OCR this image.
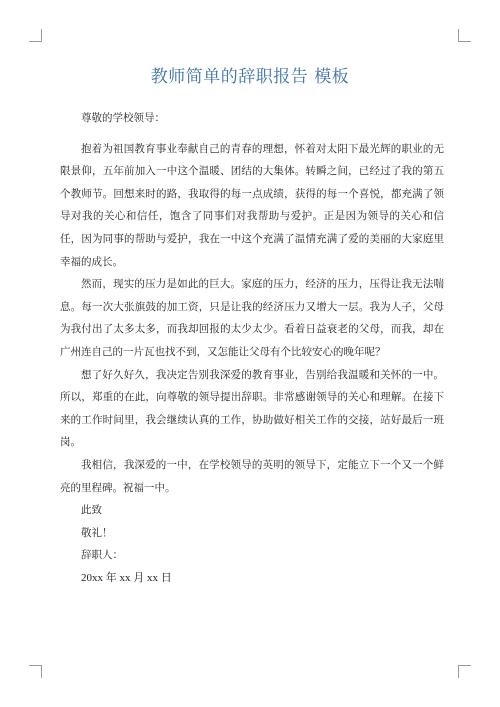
教师简单的辞职报告 模板

尊敬的学校领导：

抱着为祖国教育事业奉献自己的青春的理想，怀着对太阳下最光辉的职业的无限景仰，五年前加入一中这个温暖、团结的大集体。转瞬之间，已经过了我的第五个教师节。回想来时的路，我取得的每一点成绩，获得的每一个喜悦，都充满了领导对我的关心和信任，饱含了同事们对我帮助与爱护。正是因为领导的关心和信任，因为同事的帮助与爱护，我在一中这个充满了温情充满了爱的美丽的大家庭里幸福的成长。

然而，现实的压力是如此的巨大。家庭的压力，经济的压力，压得让我无法喘息。每一次大张旗鼓的加工资，只是让我的经济压力又增大一层。我为人子，父母为我付出了太多太多，而我却回报的太少太少。看着日益衰老的父母，而我，却在广州连自己的一片瓦也找不到，又怎能让父母有个比较安心的晚年呢？

想了好久好久，我决定告别我深爱的教育事业，告别给我温暖和关怀的一中。所以，郑重的在此，向尊敬的领导提出辞职。非常感谢领导的关心和理解。在接下来的工作时间里，我会继续认真的工作，协助做好相关工作的交接，站好最后一班岗。

我相信，我深爱的一中，在学校领导的英明的领导下，定能立下一个又一个鲜亮的里程碑。祝福一中。

此致

敬礼！

辞职人：

20xx 年 xx 月 xx 日
